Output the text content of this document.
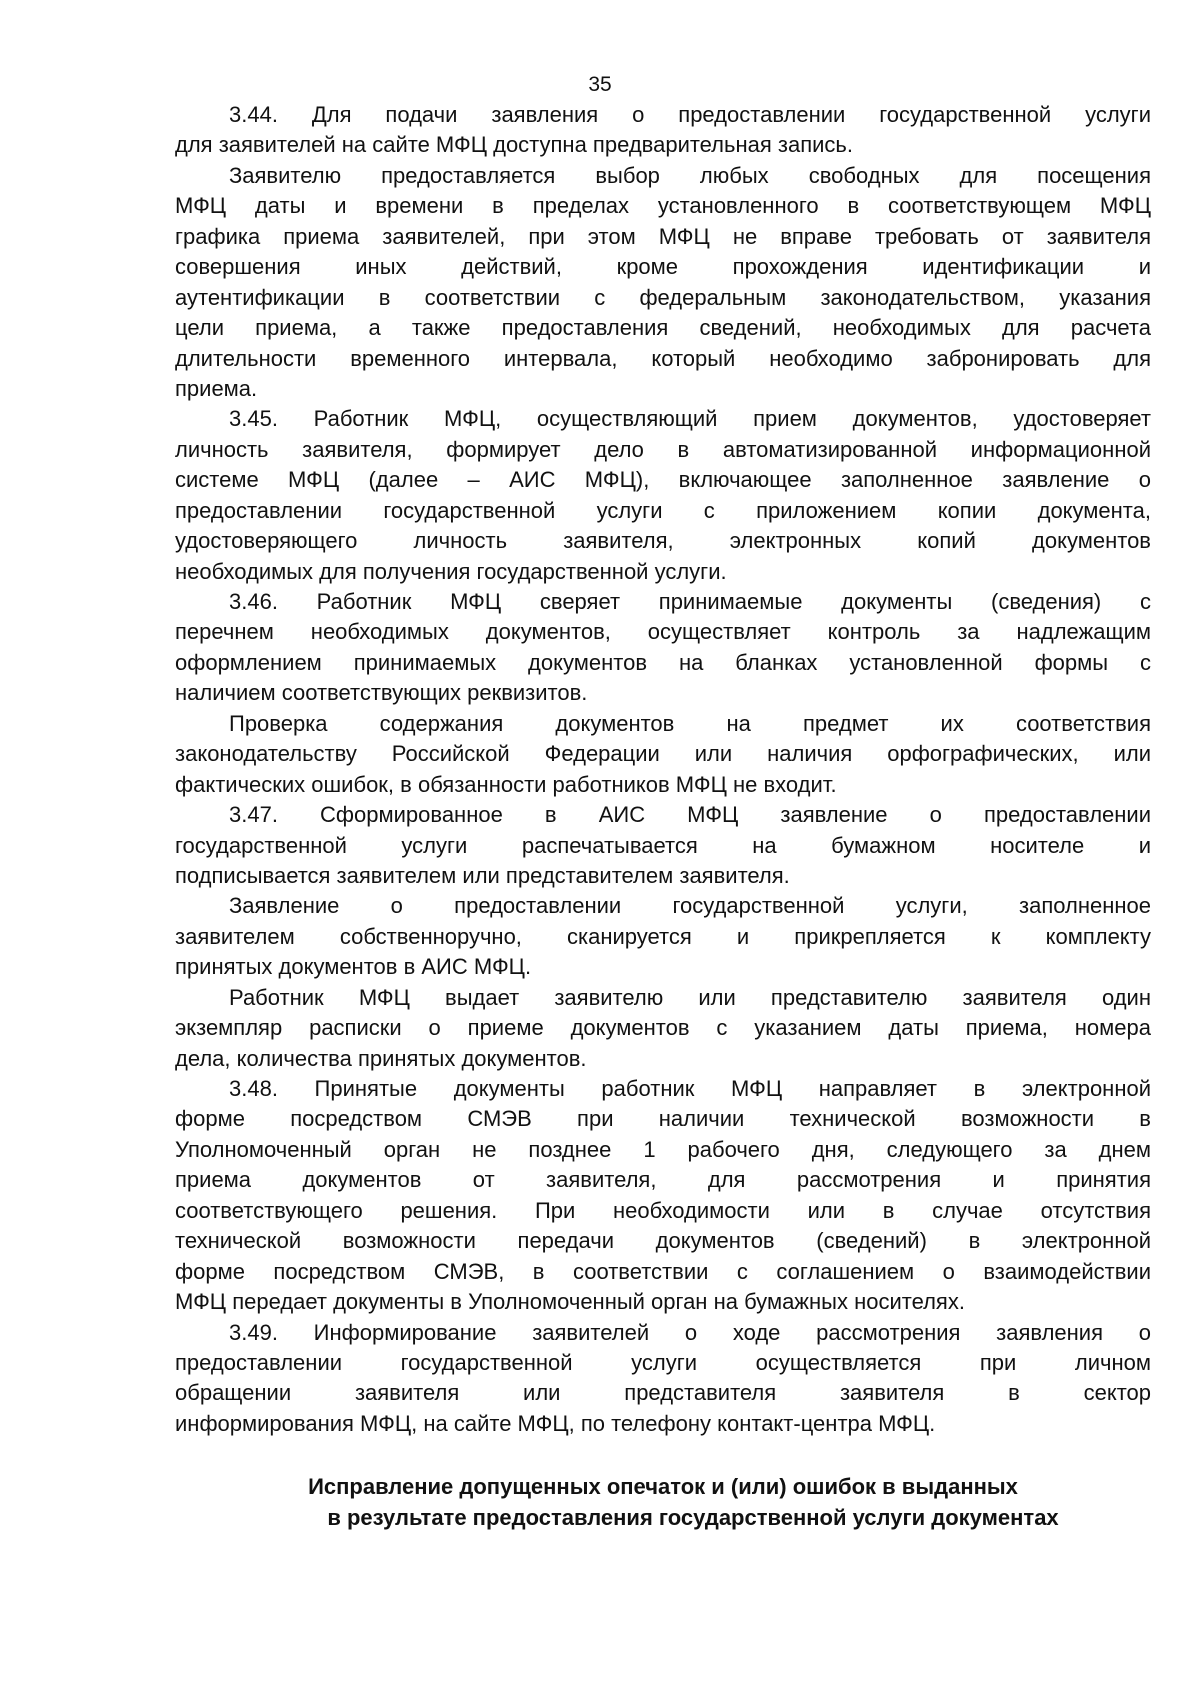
35
3.44. Для подачи заявления о предоставлении государственной услуги
для заявителей на сайте МФЦ доступна предварительная запись.
Заявителю предоставляется выбор любых свободных для посещения
МФЦ даты и времени в пределах установленного в соответствующем МФЦ
графика приема заявителей, при этом МФЦ не вправе требовать от заявителя
совершения иных действий, кроме прохождения идентификации и
аутентификации в соответствии с федеральным законодательством, указания
цели приема, а также предоставления сведений, необходимых для расчета
длительности временного интервала, который необходимо забронировать для
приема.
3.45. Работник МФЦ, осуществляющий прием документов, удостоверяет
личность заявителя, формирует дело в автоматизированной информационной
системе МФЦ (далее – АИС МФЦ), включающее заполненное заявление о
предоставлении государственной услуги с приложением копии документа,
удостоверяющего личность заявителя, электронных копий документов
необходимых для получения государственной услуги.
3.46. Работник МФЦ сверяет принимаемые документы (сведения) с
перечнем необходимых документов, осуществляет контроль за надлежащим
оформлением принимаемых документов на бланках установленной формы с
наличием соответствующих реквизитов.
Проверка содержания документов на предмет их соответствия
законодательству Российской Федерации или наличия орфографических, или
фактических ошибок, в обязанности работников МФЦ не входит.
3.47. Сформированное в АИС МФЦ заявление о предоставлении
государственной услуги распечатывается на бумажном носителе и
подписывается заявителем или представителем заявителя.
Заявление о предоставлении государственной услуги, заполненное
заявителем собственноручно, сканируется и прикрепляется к комплекту
принятых документов в АИС МФЦ.
Работник МФЦ выдает заявителю или представителю заявителя один
экземпляр расписки о приеме документов с указанием даты приема, номера
дела, количества принятых документов.
3.48. Принятые документы работник МФЦ направляет в электронной
форме посредством СМЭВ при наличии технической возможности в
Уполномоченный орган не позднее 1 рабочего дня, следующего за днем
приема документов от заявителя, для рассмотрения и принятия
соответствующего решения. При необходимости или в случае отсутствия
технической возможности передачи документов (сведений) в электронной
форме посредством СМЭВ, в соответствии с соглашением о взаимодействии
МФЦ передает документы в Уполномоченный орган на бумажных носителях.
3.49. Информирование заявителей о ходе рассмотрения заявления о
предоставлении государственной услуги осуществляется при личном
обращении заявителя или представителя заявителя в сектор
информирования МФЦ, на сайте МФЦ, по телефону контакт-центра МФЦ.
Исправление допущенных опечаток и (или) ошибок в выданных
в результате предоставления государственной услуги документах
